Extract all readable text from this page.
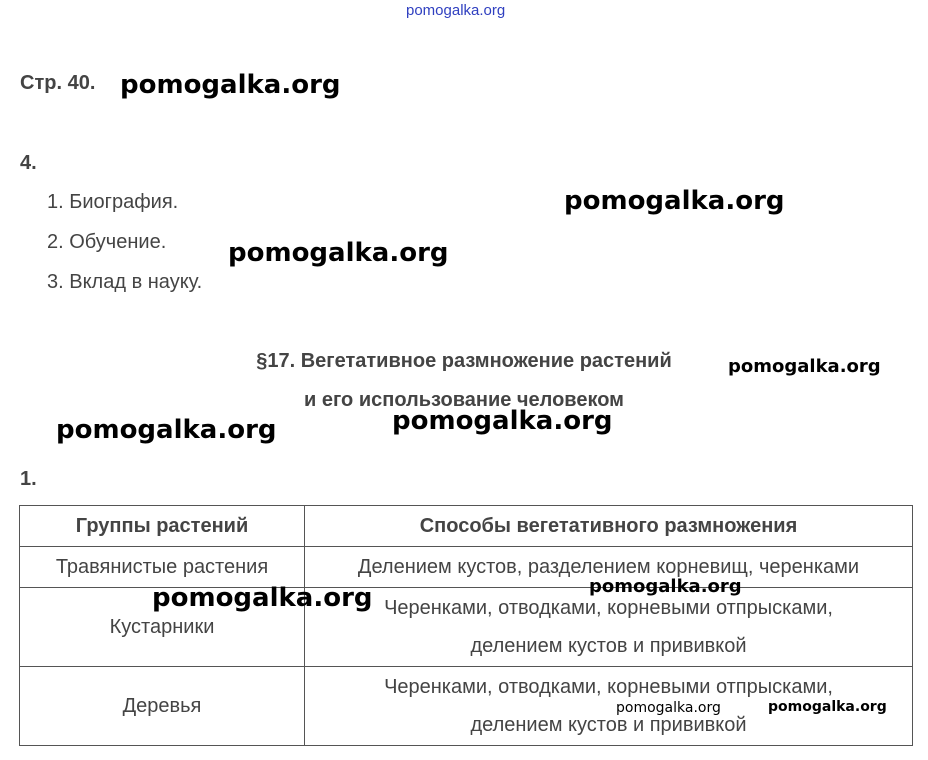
pomogalka.org
Стр. 40.
4.
1. Биография.
2. Обучение.
3. Вклад в науку.
§17. Вегетативное размножение растений
и его использование человеком
1.
Группы растений	Способы вегетативного размножения
Травянистые растения	Делением кустов, разделением корневищ, черенками
Кустарники	Черенками, отводками, корневыми отпрысками,
делением кустов и прививкой

Деревья	Черенками, отводками, корневыми отпрысками,
делением кустов и прививкой
pomogalka.org
pomogalka.org
pomogalka.org
pomogalka.org
pomogalka.org	pomogalka.org
pomogalka.org
pomogalka.org
pomogalka.org	pomogalka.org
